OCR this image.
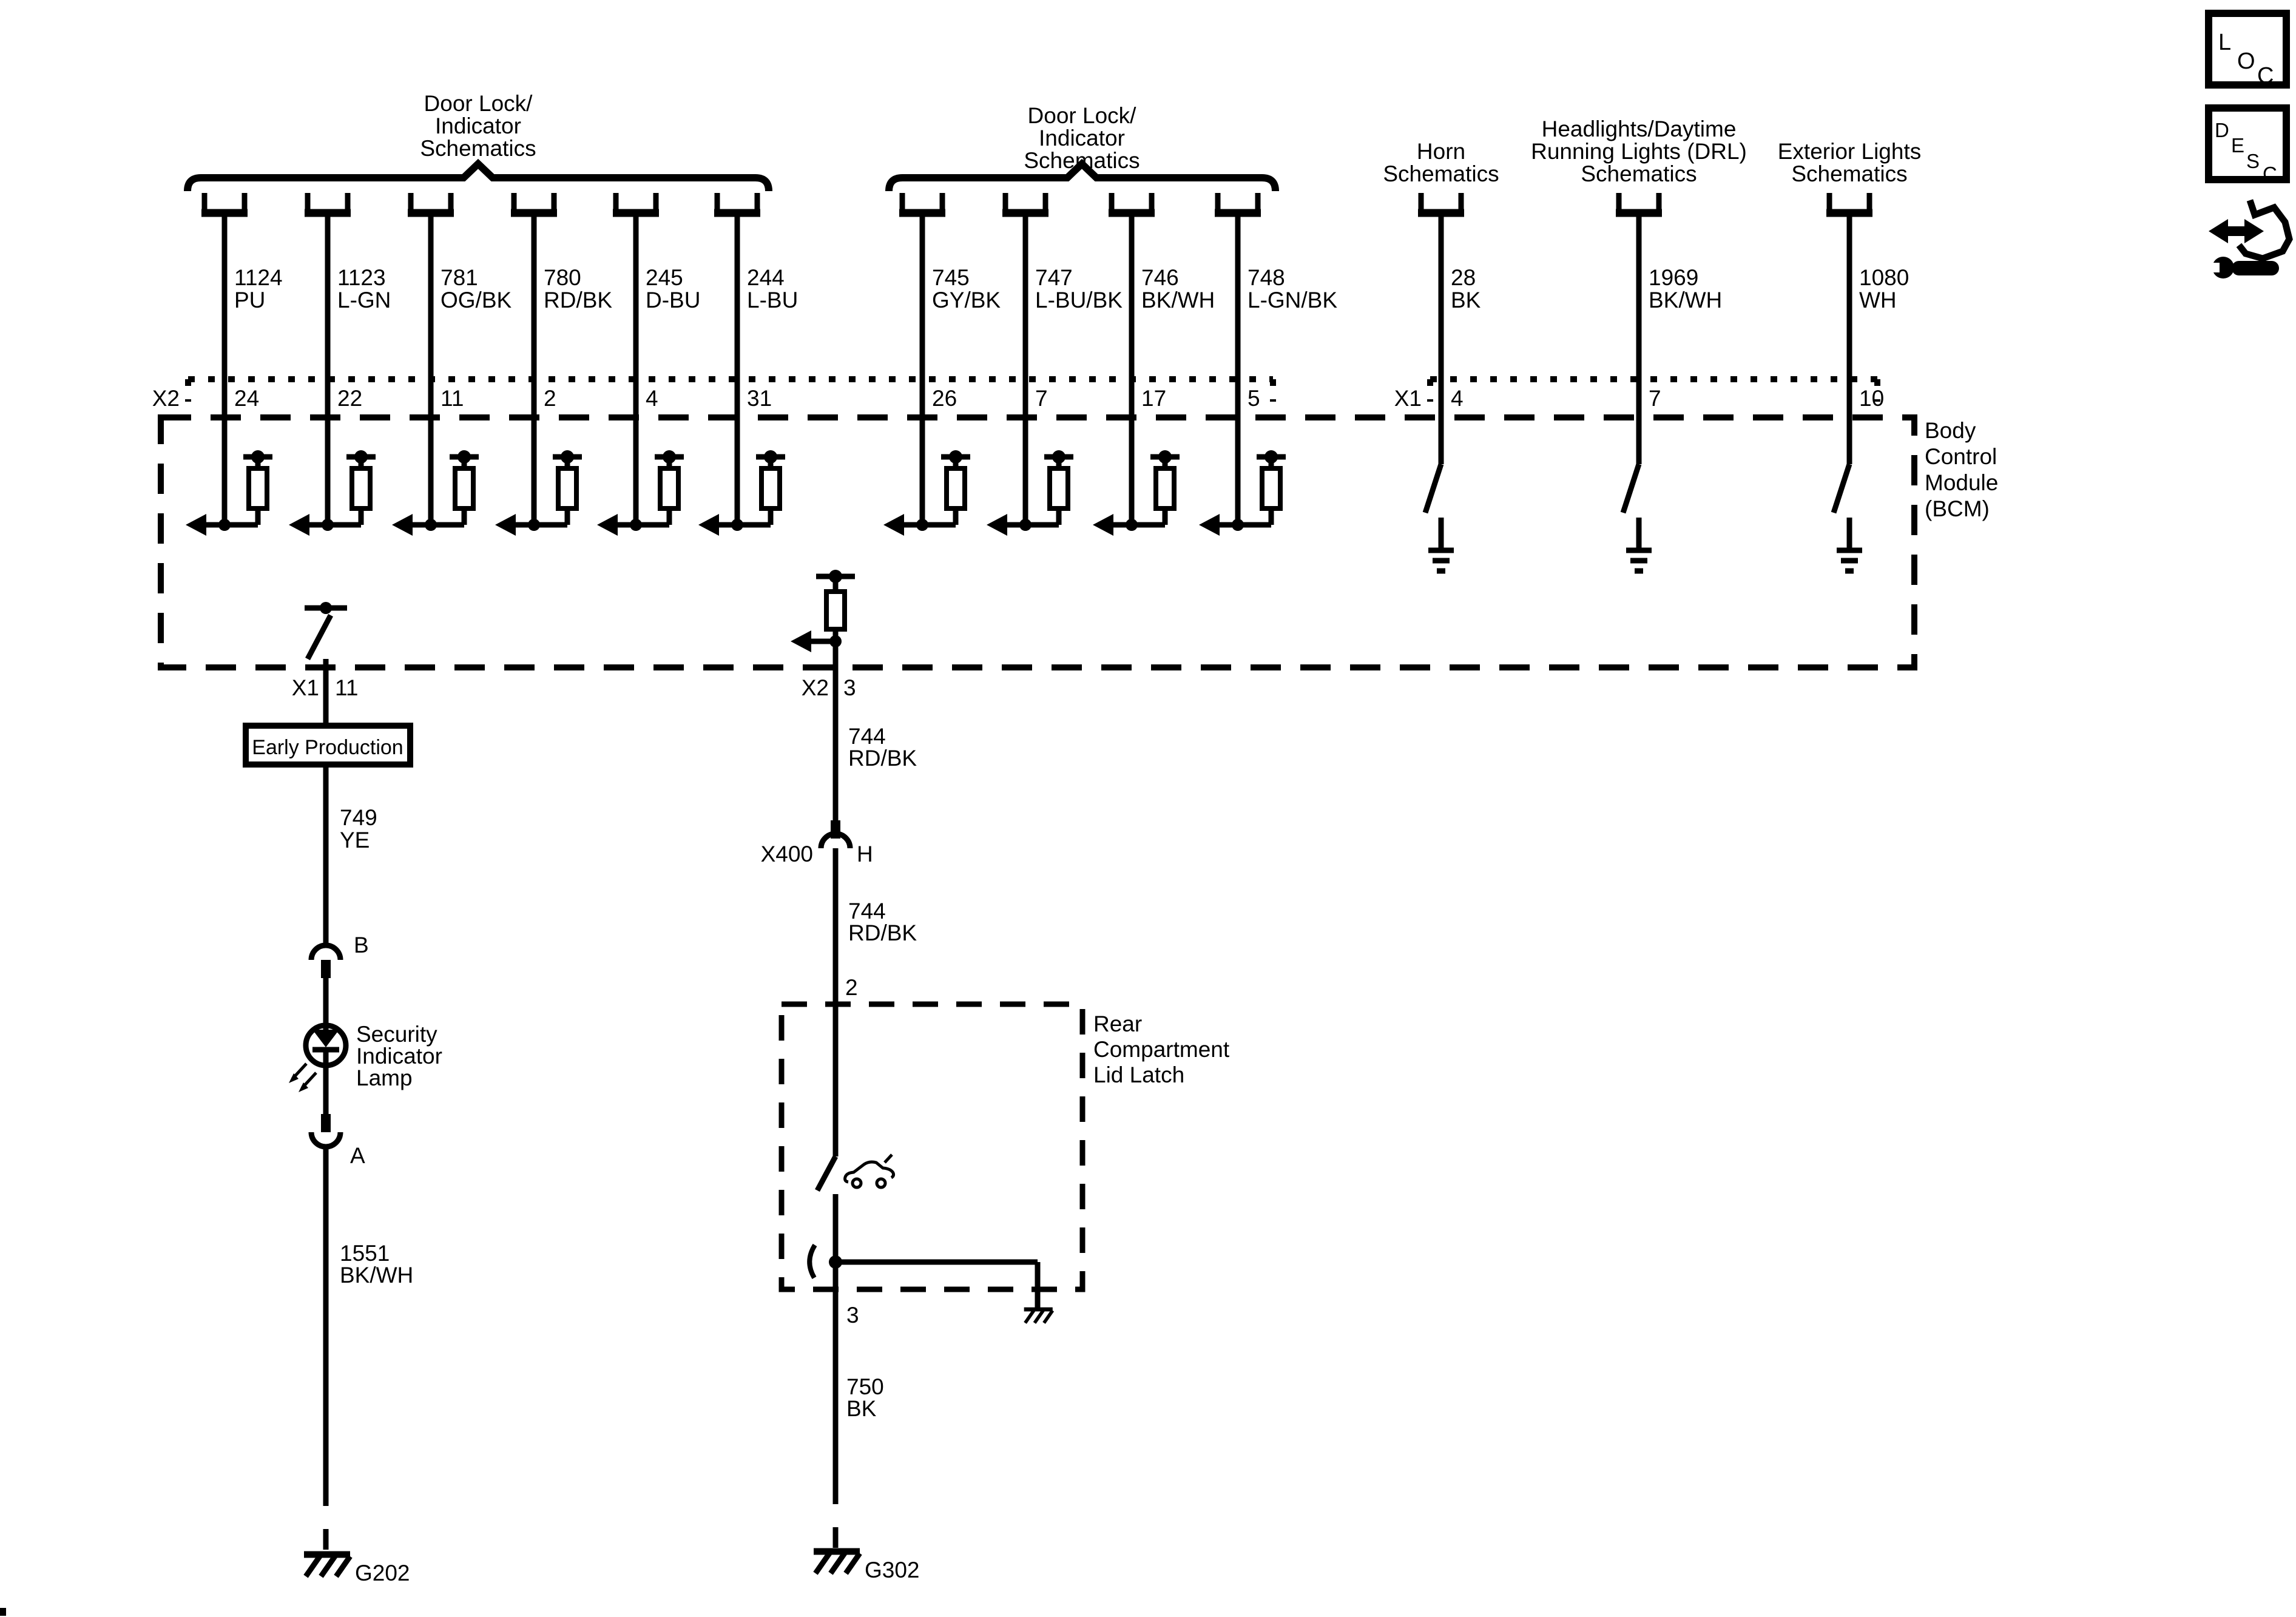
Door Lock/
Indicator
Schematics
Door Lock/
Indicator
Schematics	Horn
Schematics
Headlights/Daytime
Running Lights (DRL)
Schematics
Exterior Lights
Schematics
1124
PU
24
1123
L-GN
22
781
OG/BK
11
780
RD/BK
2
245
D-BU
4
244
L-BU
31
745
GY/BK
26
747
L-BU/BK
7
746
BK/WH
17
748
L-GN/BK
5
28
BK
4
1969
BK/WH
7
1080
WH
10
X2	X1
Body
Control
Module
(BCM)
X1 11
Early Production
749
YE
B
Security
Indicator
Lamp
A
1551
BK/WH
G202
X2 3
744
RD/BK
X400 H
744
RD/BK
2
Rear
Compartment
Lid Latch
3
750
BK
G302
L
O
C
D
E
S
C
